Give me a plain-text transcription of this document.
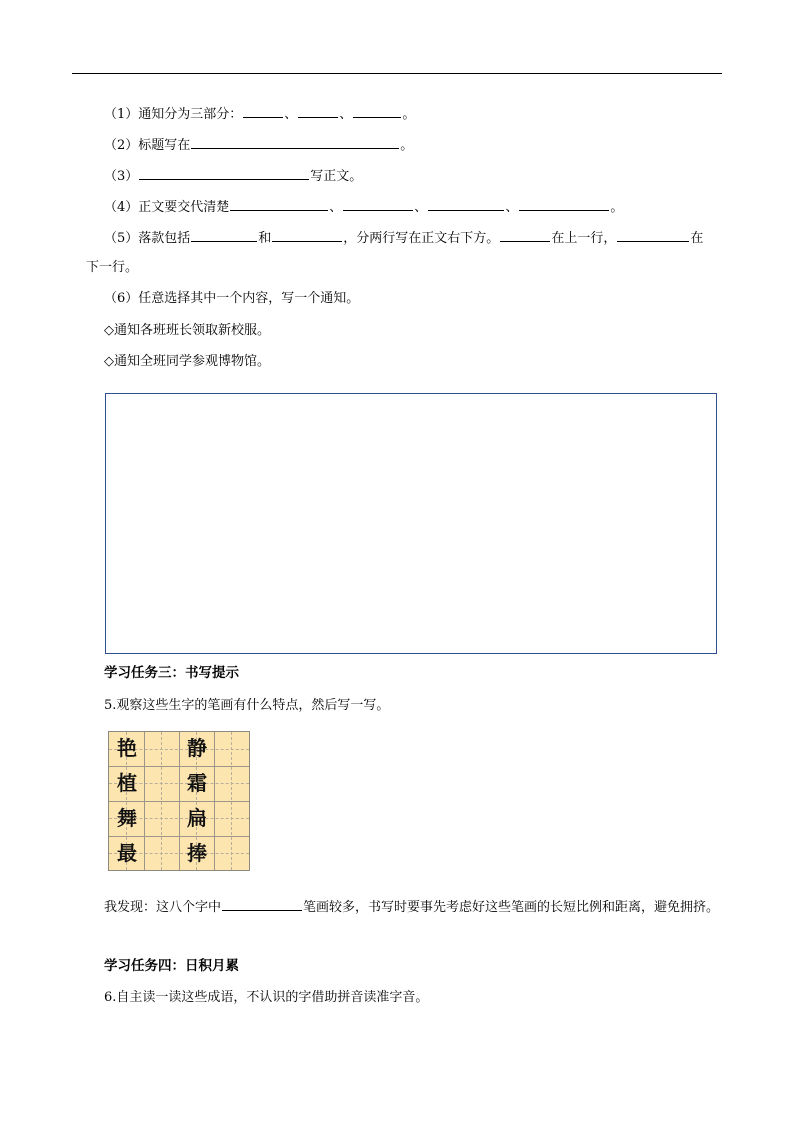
（1）通知分为三部分：	、	、	。
（2）标题写在	。
（3）	写正文。
（4）正文要交代清楚	、	、	、	。
（5）落款包括	和	，分两行写在正文右下方。	在上一行，	在
下一行。
（6）任意选择其中一个内容，写一个通知。
◇通知各班班长领取新校服。
◇通知全班同学参观博物馆。
学习任务三：书写提示
5.观察这些生字的笔画有什么特点，然后写一写。
艳	静
植	霜
舞	扁
最	捧
我发现：这八个字中	笔画较多，书写时要事先考虑好这些笔画的长短比例和距离，避免拥挤。
学习任务四：日积月累
6.自主读一读这些成语，不认识的字借助拼音读准字音。
